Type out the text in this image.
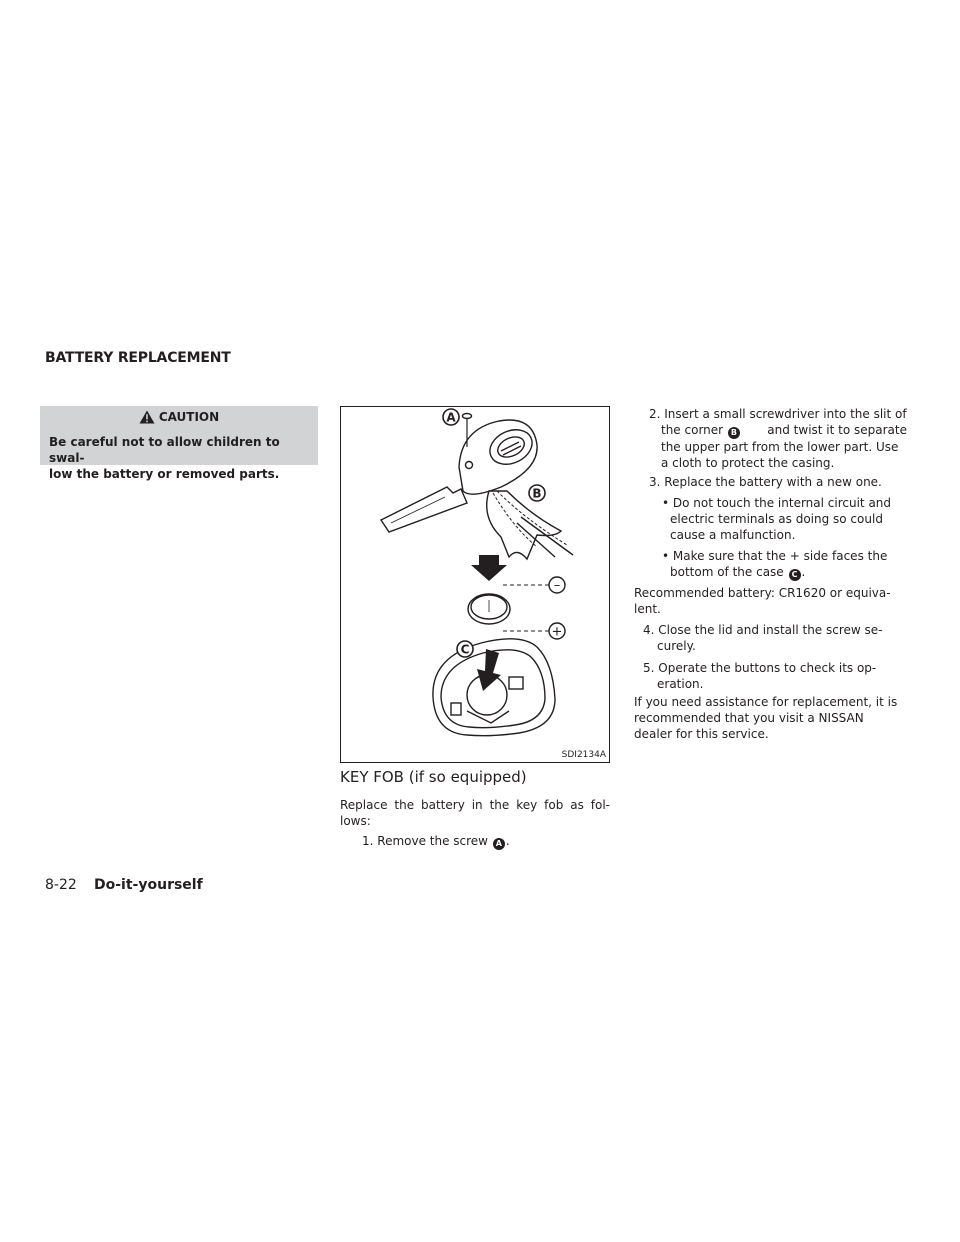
BATTERY REPLACEMENT
CAUTION
Be careful not to allow children to swal-
low the battery or removed parts.
A
B
C
–
+
SDI2134A
KEY FOB (if so equipped)
Replace the battery in the key fob as fol-
lows:
1. Remove the screw A .
2. Insert a small screwdriver into the slit of
the corner B	and twist it to separate
the upper part from the lower part. Use
a cloth to protect the casing.
3. Replace the battery with a new one.
• Do not touch the internal circuit and
electric terminals as doing so could
cause a malfunction.
• Make sure that the + side faces the
bottom of the case C .
Recommended battery: CR1620 or equiva-
lent.
4. Close the lid and install the screw se-
curely.
5. Operate the buttons to check its op-
eration.
If you need assistance for replacement, it is
recommended that you visit a NISSAN
dealer for this service.
8-22 Do-it-yourself
